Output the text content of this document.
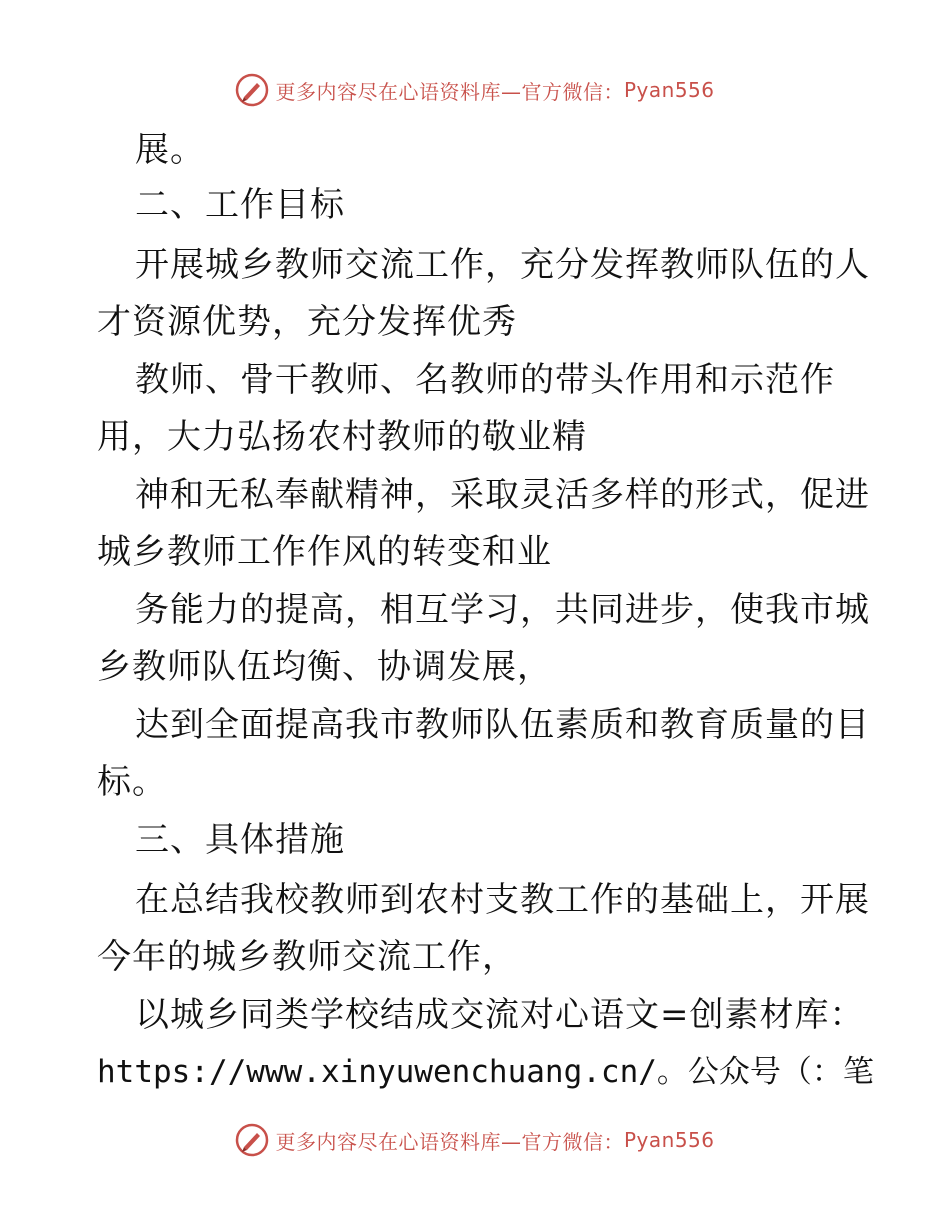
更多内容尽在心语资料库—官方微信： Pyan556
展。
二、工作目标
开展城乡教师交流工作，充分发挥教师队伍的人
才资源优势，充分发挥优秀
教师、骨干教师、名教师的带头作用和示范作
用，大力弘扬农村教师的敬业精
神和无私奉献精神，采取灵活多样的形式，促进
城乡教师工作作风的转变和业
务能力的提高，相互学习，共同进步，使我市城
乡教师队伍均衡、协调发展，
达到全面提高我市教师队伍素质和教育质量的目
标。
三、具体措施
在总结我校教师到农村支教工作的基础上，开展
今年的城乡教师交流工作，
以城乡同类学校结成交流对心语文=创素材库：
https://www.xinyuwenchuang.cn/。公众号（：笔
更多内容尽在心语资料库—官方微信： Pyan556
